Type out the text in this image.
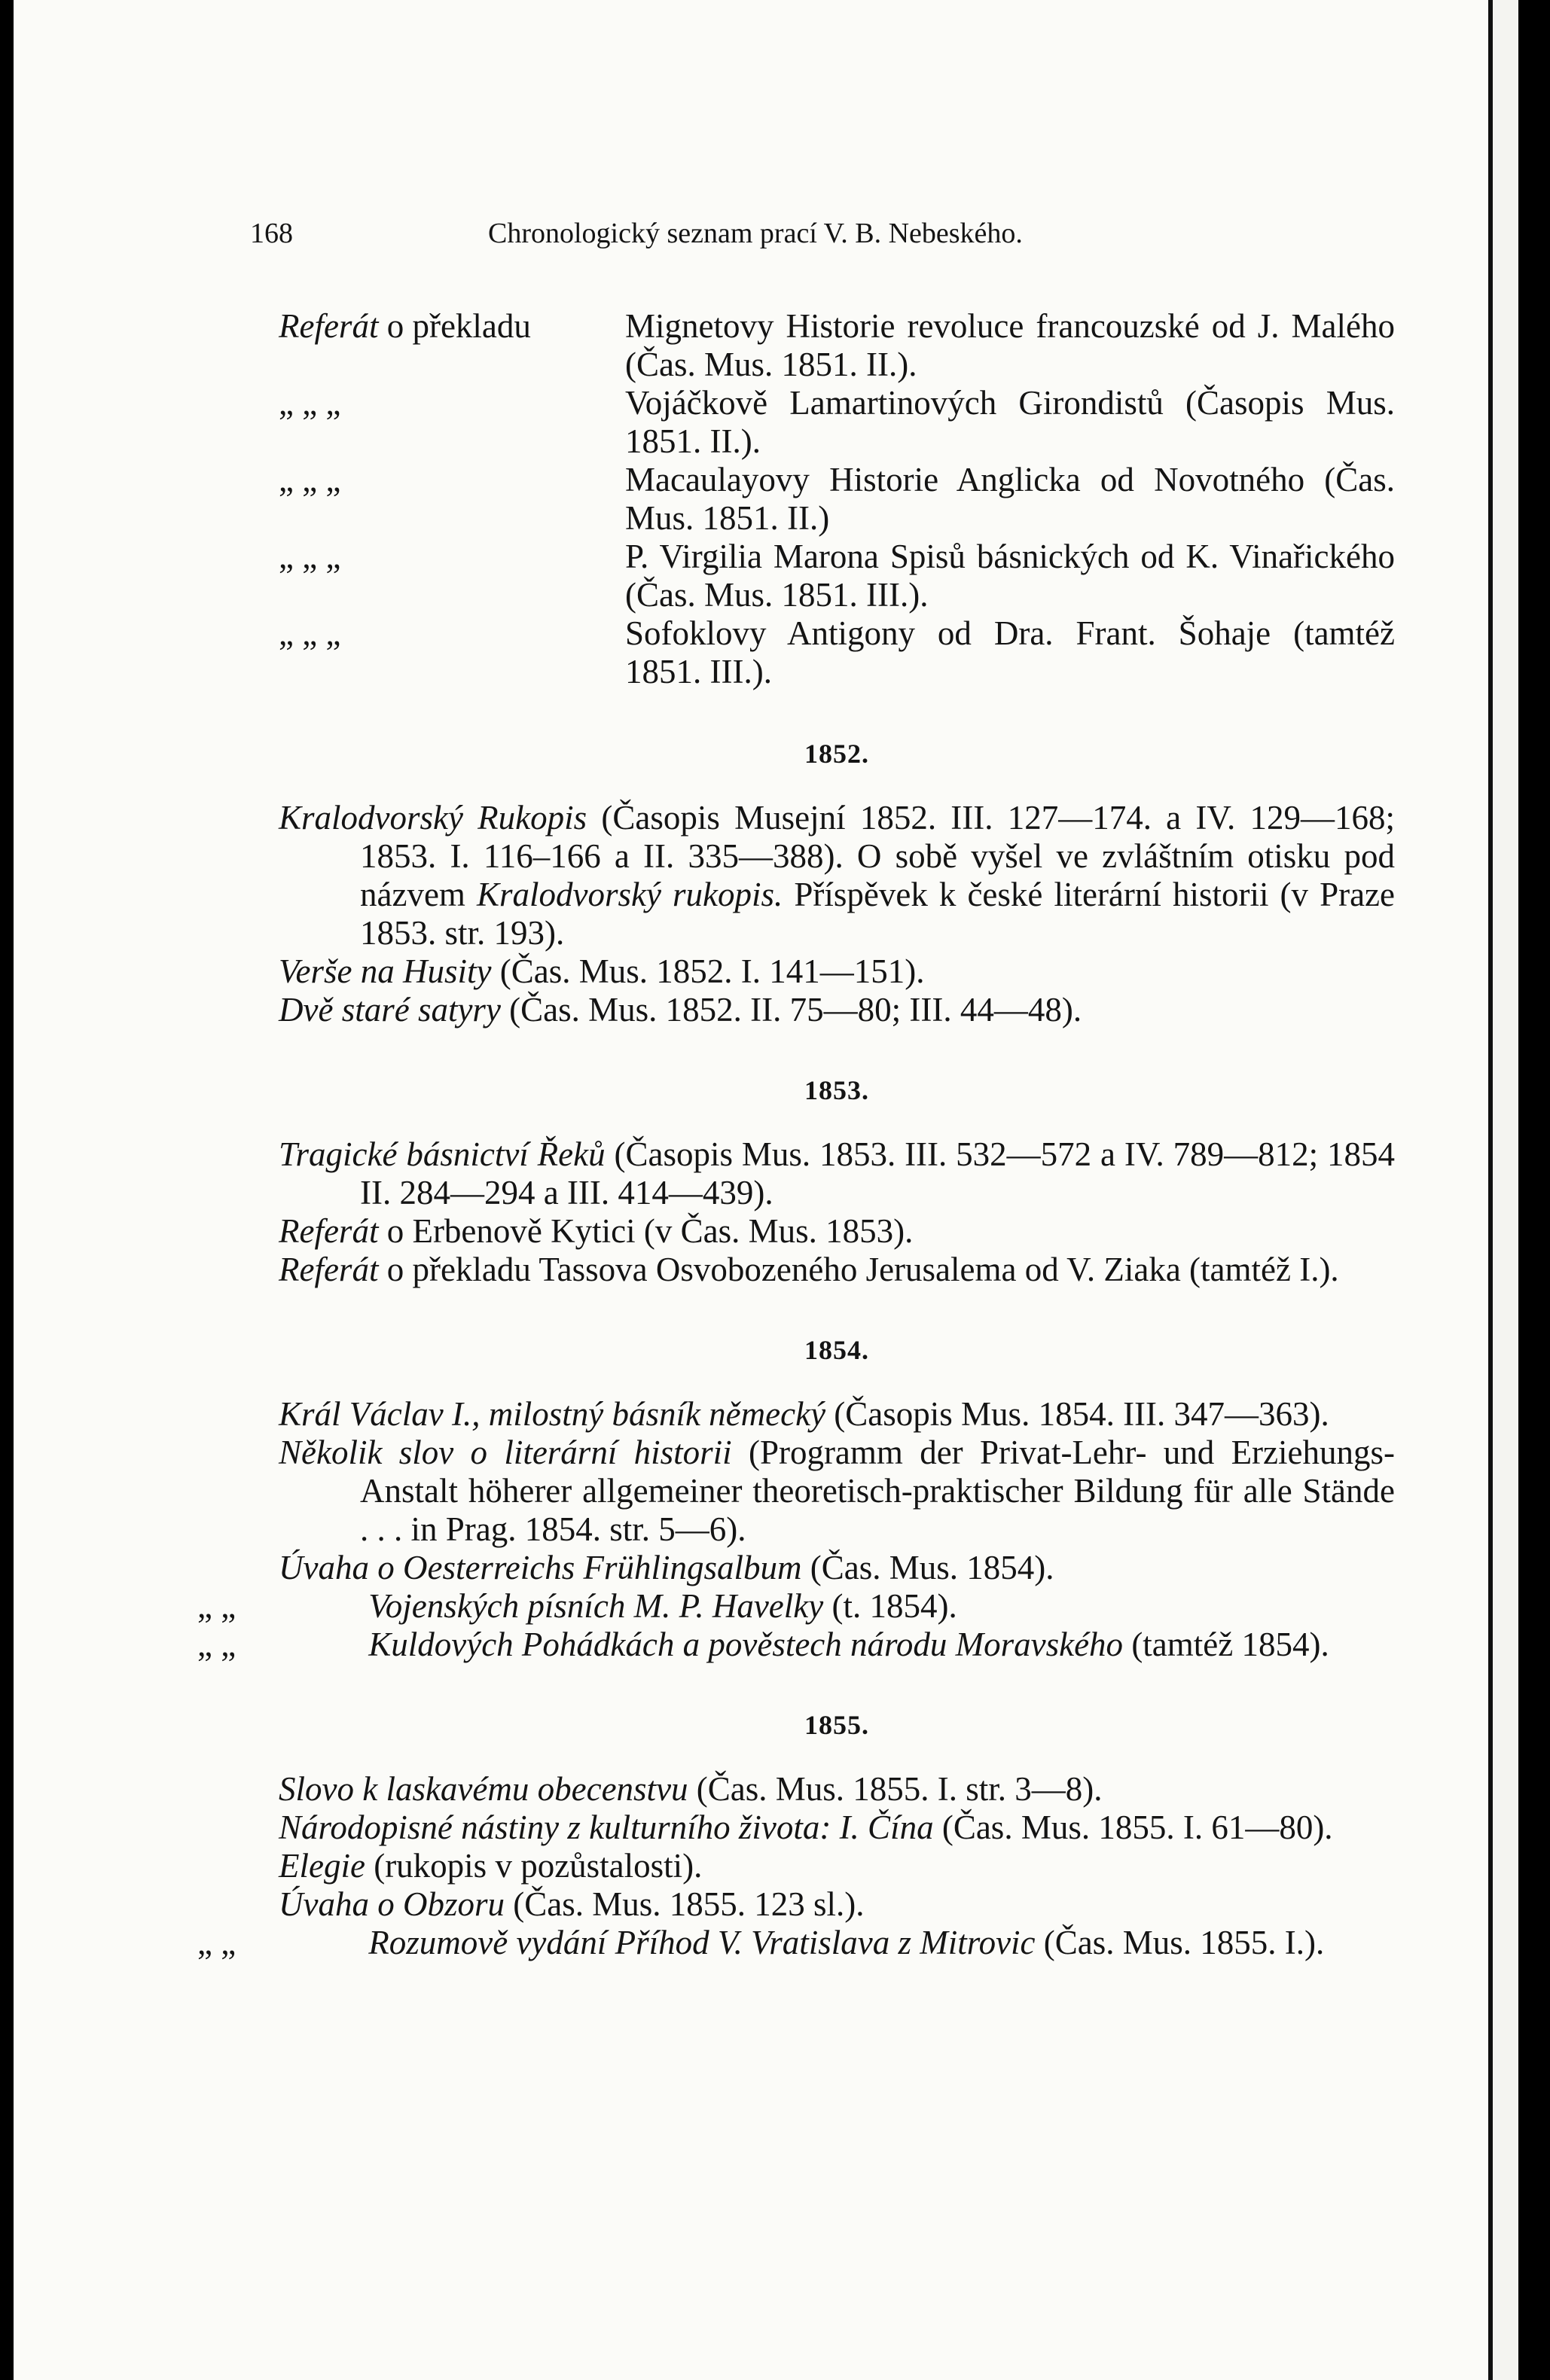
168	Chronologický seznam prací V. B. Nebeského.
Referát o překladu	Mignetovy Historie revoluce francouzské od J. Malého (Čas. Mus. 1851. II.).
„ „ „	Vojáčkově Lamartinových Girondistů (Časopis Mus. 1851. II.).
„ „ „	Macaulayovy Historie Anglicka od Novotného (Čas. Mus. 1851. II.)
„ „ „	P. Virgilia Marona Spisů básnických od K. Vinařického (Čas. Mus. 1851. III.).
„ „ „	Sofoklovy Antigony od Dra. Frant. Šohaje (tamtéž 1851. III.).
1852.
Kralodvorský Rukopis (Časopis Musejní 1852. III. 127—174. a IV. 129—168; 1853. I. 116–166 a II. 335—388). O sobě vyšel ve zvláštním otisku pod názvem Kralodvorský rukopis. Příspěvek k české literární historii (v Praze 1853. str. 193).
Verše na Husity (Čas. Mus. 1852. I. 141—151).
Dvě staré satyry (Čas. Mus. 1852. II. 75—80; III. 44—48).
1853.
Tragické básnictví Řeků (Časopis Mus. 1853. III. 532—572 a IV. 789—812; 1854 II. 284—294 a III. 414—439).
Referát o Erbenově Kytici (v Čas. Mus. 1853).
Referát o překladu Tassova Osvobozeného Jerusalema od V. Ziaka (tamtéž I.).
1854.
Král Václav I., milostný básník německý (Časopis Mus. 1854. III. 347—363).
Několik slov o literární historii (Programm der Privat-Lehr- und Erziehungs-Anstalt höherer allgemeiner theoretisch-praktischer Bildung für alle Stände . . . in Prag. 1854. str. 5—6).
Úvaha o Oesterreichs Frühlingsalbum (Čas. Mus. 1854).
„ „	Vojenských písních M. P. Havelky (t. 1854).
„ „	Kuldových Pohádkách a pověstech národu Moravského (tamtéž 1854).
1855.
Slovo k laskavému obecenstvu (Čas. Mus. 1855. I. str. 3—8).
Národopisné nástiny z kulturního života: I. Čína (Čas. Mus. 1855. I. 61—80).
Elegie (rukopis v pozůstalosti).
Úvaha o Obzoru (Čas. Mus. 1855. 123 sl.).
„ „	Rozumově vydání Příhod V. Vratislava z Mitrovic (Čas. Mus. 1855. I.).
